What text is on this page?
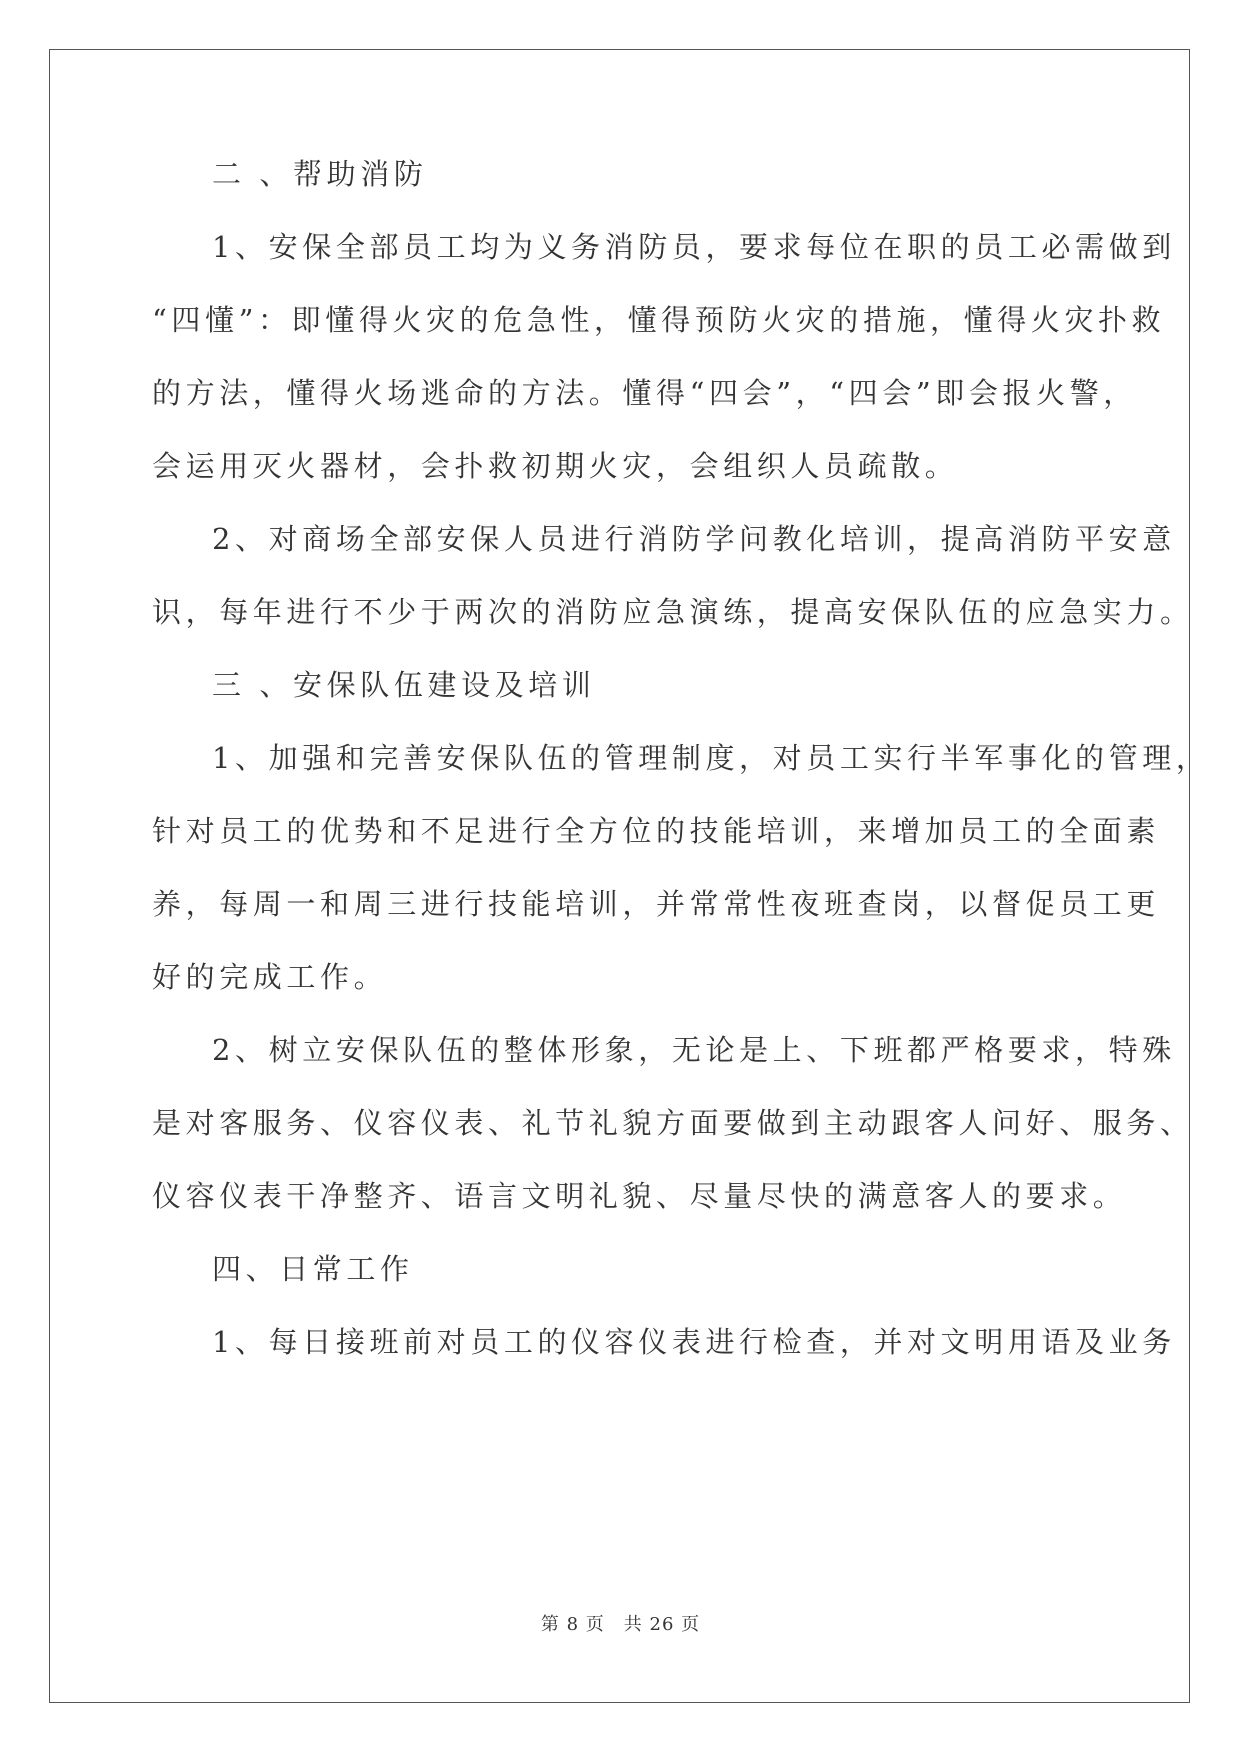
二 、帮助消防
1、安保全部员工均为义务消防员，要求每位在职的员工必需做到
“四懂”：即懂得火灾的危急性，懂得预防火灾的措施，懂得火灾扑救
的方法，懂得火场逃命的方法。懂得“四会”，“四会”即会报火警，
会运用灭火器材，会扑救初期火灾，会组织人员疏散。
2、对商场全部安保人员进行消防学问教化培训，提高消防平安意
识，每年进行不少于两次的消防应急演练，提高安保队伍的应急实力。
三 、安保队伍建设及培训
1、加强和完善安保队伍的管理制度，对员工实行半军事化的管理，
针对员工的优势和不足进行全方位的技能培训，来增加员工的全面素
养，每周一和周三进行技能培训，并常常性夜班查岗，以督促员工更
好的完成工作。
2、树立安保队伍的整体形象，无论是上、下班都严格要求，特殊
是对客服务、仪容仪表、礼节礼貌方面要做到主动跟客人问好、服务、
仪容仪表干净整齐、语言文明礼貌、尽量尽快的满意客人的要求。
四、日常工作
1、每日接班前对员工的仪容仪表进行检查，并对文明用语及业务
第 8 页　共 26 页
